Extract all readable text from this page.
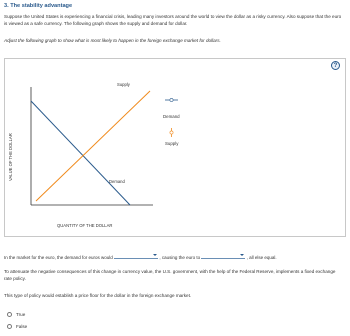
3. The stability advantage
Suppose the United States is experiencing a financial crisis, leading many investors around the world to view the dollar as a risky currency. Also suppose that the euro is viewed as a safe currency. The following graph shows the supply and demand for dollar.
Adjust the following graph to show what is most likely to happen in the foreign exchange market for dollars.
?
Supply
Demand
Demand
Supply
VALUE OF THE DOLLAR
QUANTITY OF THE DOLLAR
In the market for the euro, the demand for euros would	, causing the euro to	, all else equal.
To attenuate the negative consequences of this change in currency value, the U.S. government, with the help of the Federal Reserve, implements a fixed exchange rate policy.
This type of policy would establish a price floor for the dollar in the foreign exchange market.
True
False
